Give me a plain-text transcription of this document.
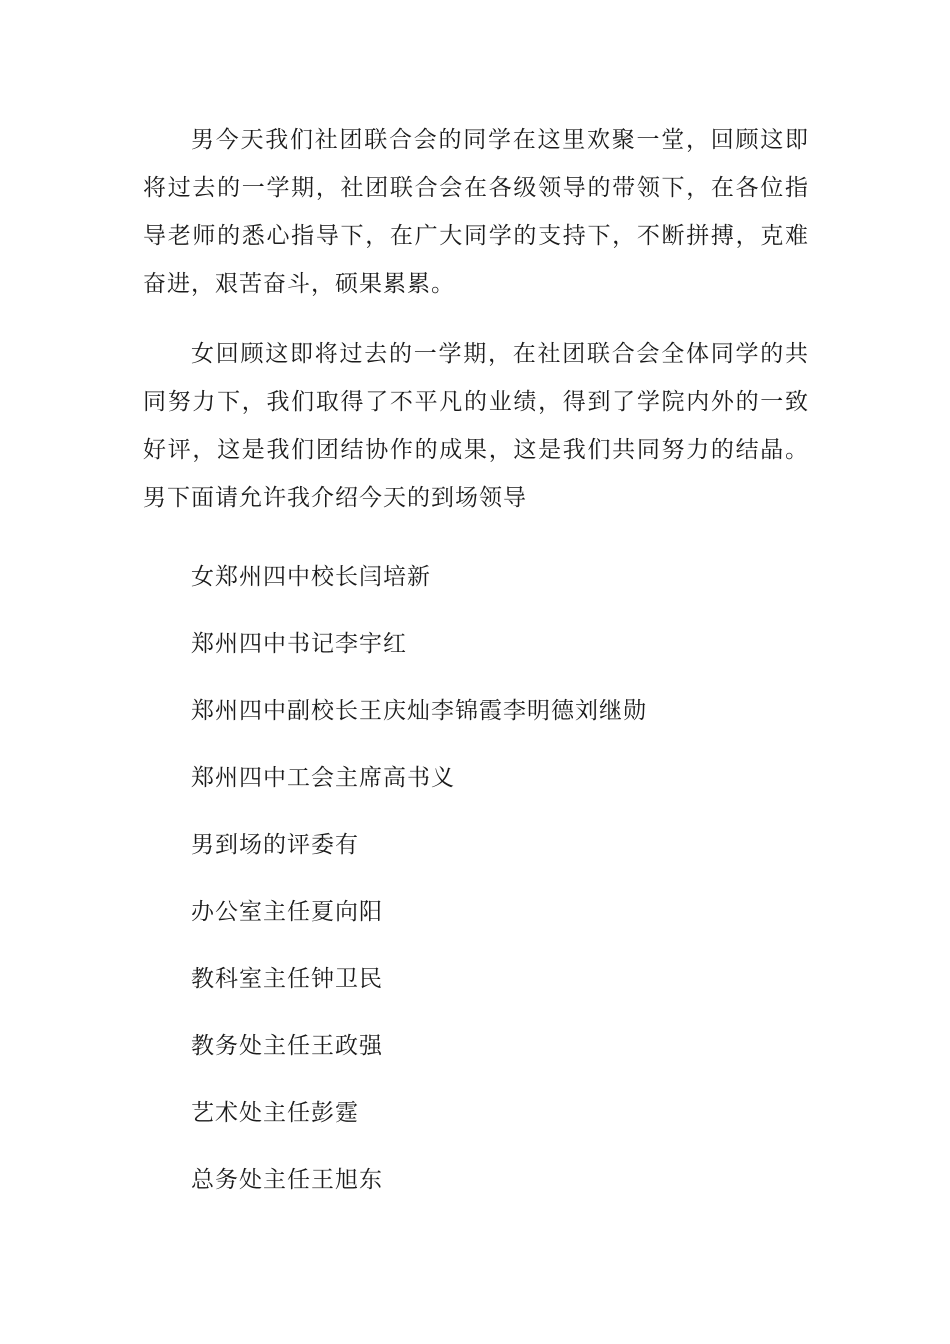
男今天我们社团联合会的同学在这里欢聚一堂，回顾这即将过去的一学期，社团联合会在各级领导的带领下，在各位指导老师的悉心指导下，在广大同学的支持下，不断拼搏，克难奋进，艰苦奋斗，硕果累累。

女回顾这即将过去的一学期，在社团联合会全体同学的共同努力下，我们取得了不平凡的业绩，得到了学院内外的一致好评，这是我们团结协作的成果，这是我们共同努力的结晶。男下面请允许我介绍今天的到场领导

女郑州四中校长闫培新

郑州四中书记李宇红

郑州四中副校长王庆灿李锦霞李明德刘继勋

郑州四中工会主席高书义

男到场的评委有

办公室主任夏向阳

教科室主任钟卫民

教务处主任王政强

艺术处主任彭霆

总务处主任王旭东
